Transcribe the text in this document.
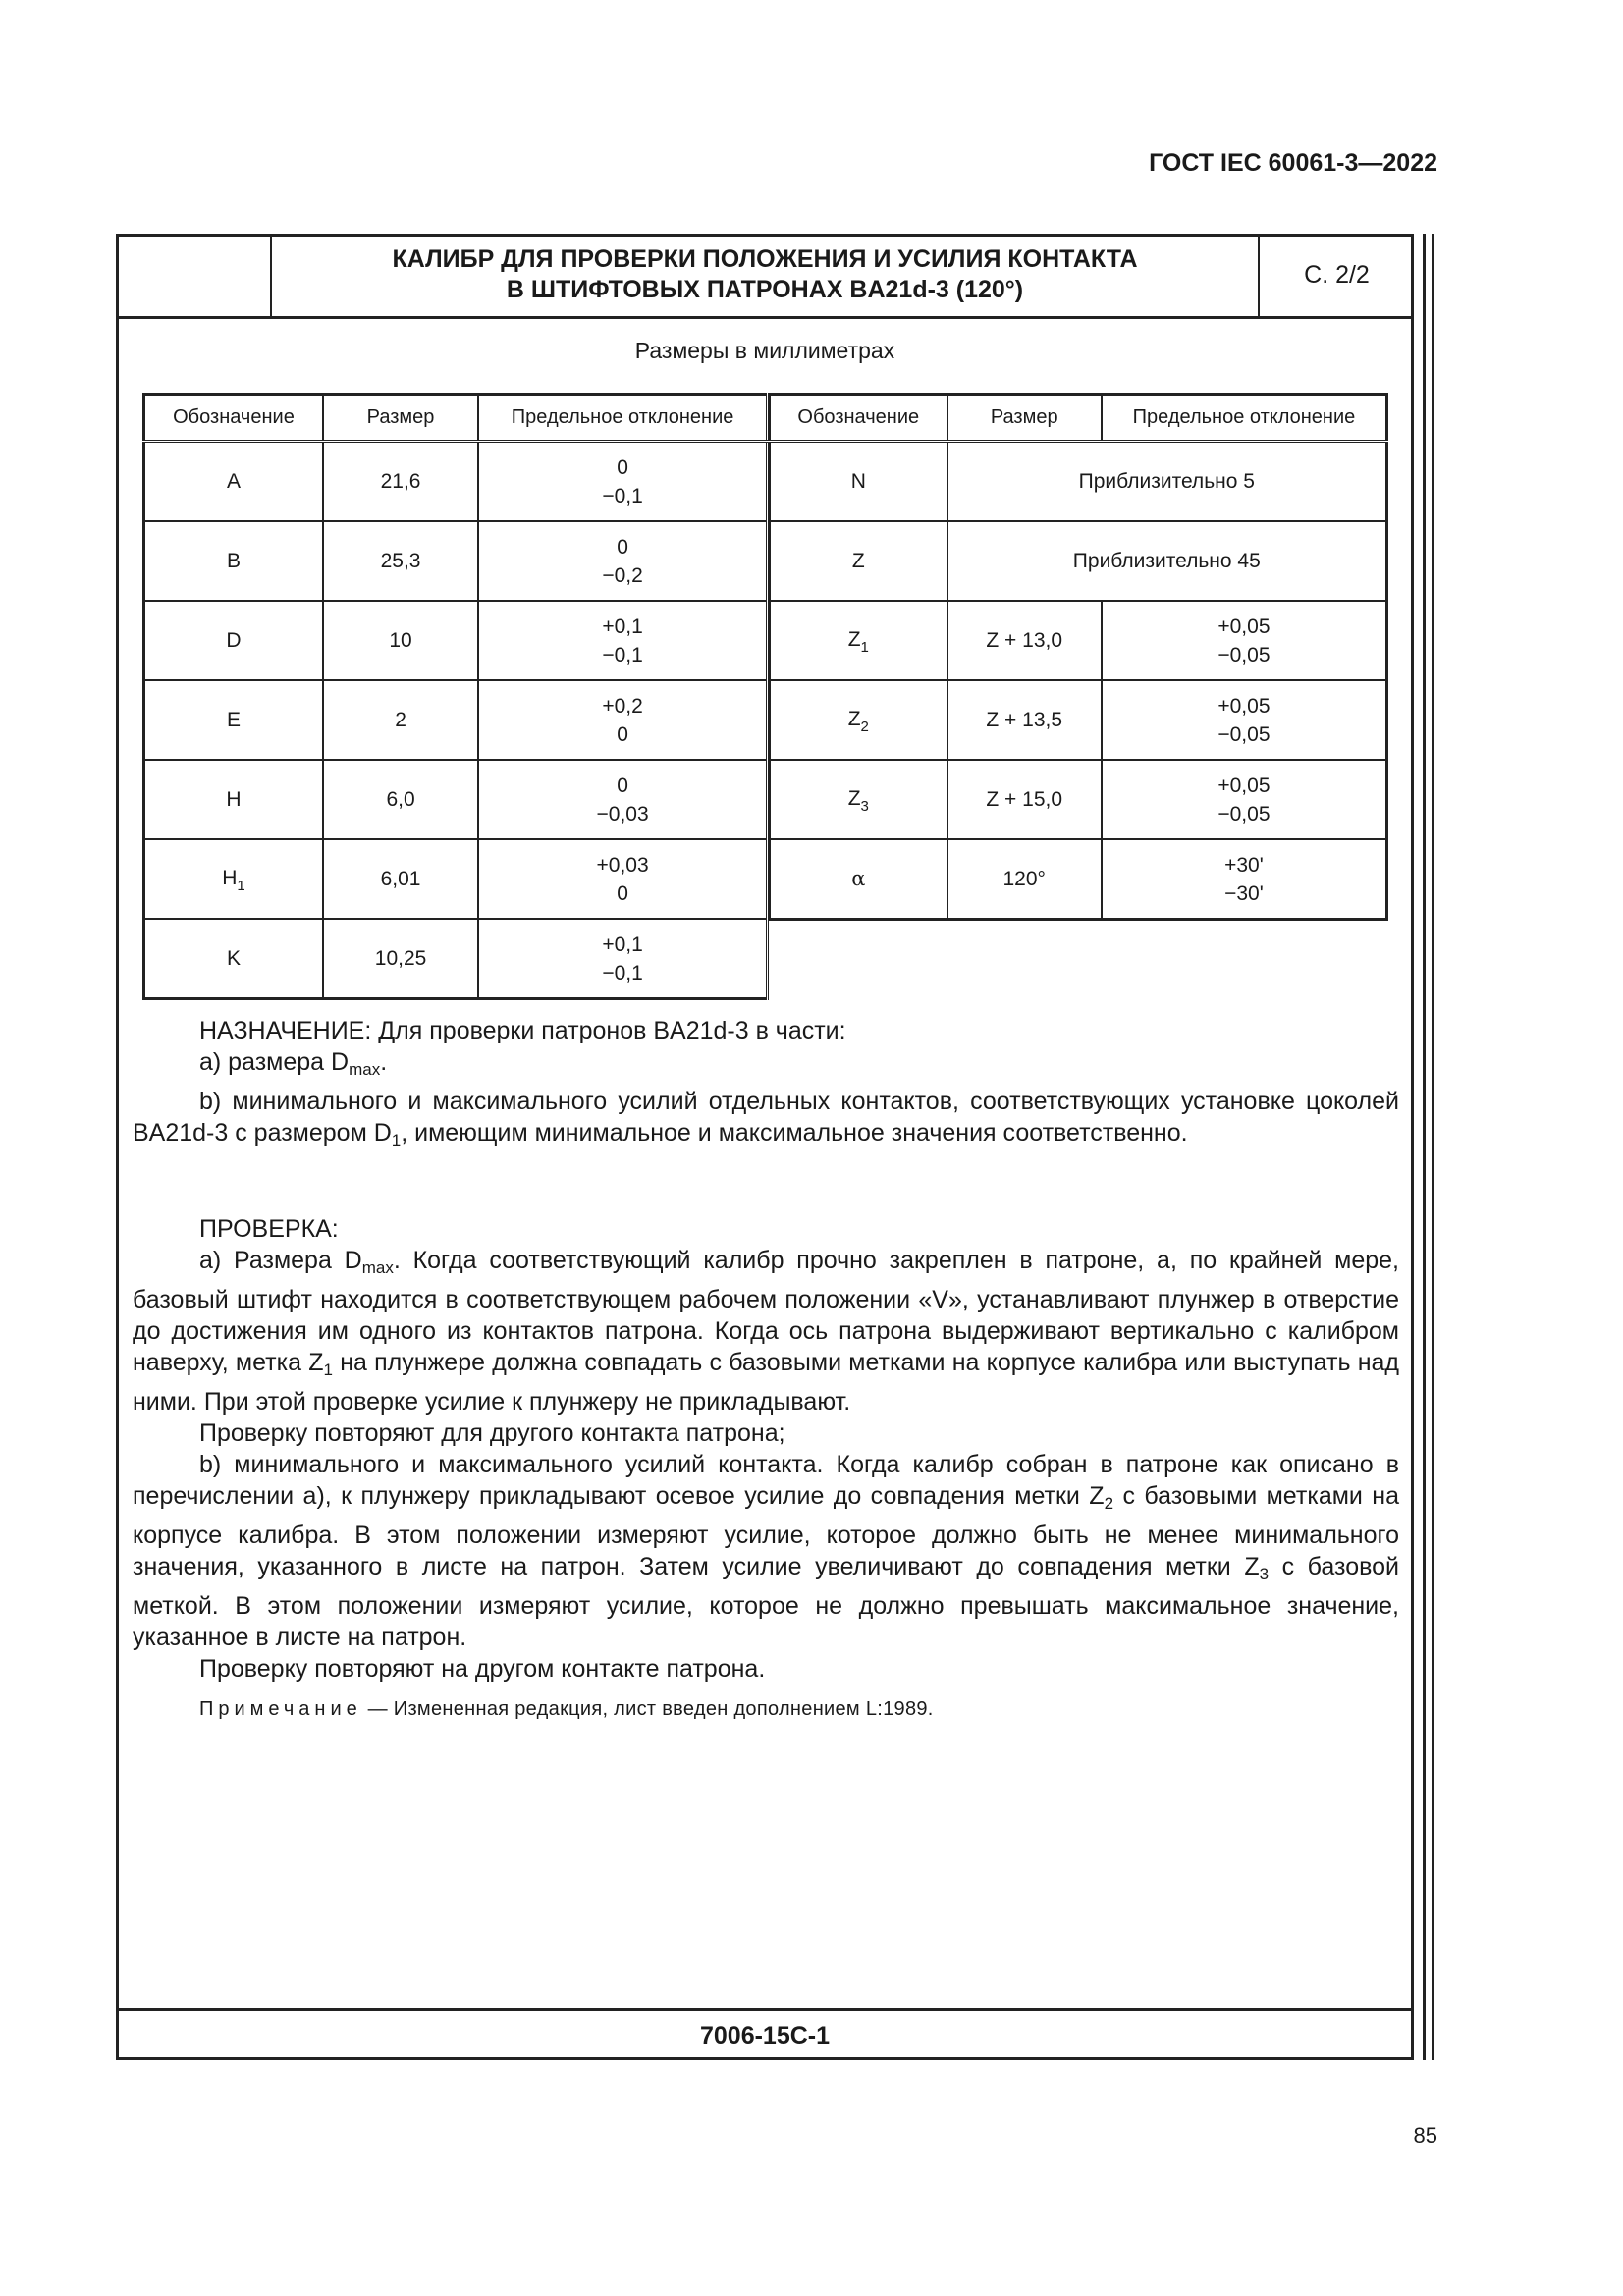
ГОСТ IEC 60061-3—2022
КАЛИБР ДЛЯ ПРОВЕРКИ ПОЛОЖЕНИЯ И УСИЛИЯ КОНТАКТА
В ШТИФТОВЫХ ПАТРОНАХ BA21d-3 (120°)
С. 2/2
Размеры в миллиметрах
Обозначение	Размер	Предельное отклонение
A	21,6	0
−0,1

B	25,3	0
−0,2

D	10	+0,1
−0,1

E	2	+0,2
0

H	6,0	0
−0,03

$H_1$	6,01	+0,03
0

K	10,25	+0,1
−0,1
Обозначение	Размер	Предельное отклонение
N	Приблизительно 5	
Z	Приблизительно 45	
$Z_1$	Z + 13,0	+0,05
−0,05

$Z_2$	Z + 13,5	+0,05
−0,05

$Z_3$	Z + 15,0	+0,05
−0,05

α	120°	+30'
−30'

НАЗНАЧЕНИЕ: Для проверки патронов BA21d-3 в части:

a) размера $D_{max}$.

b) минимального и максимального усилий отдельных контактов, соответствующих установке цоколей BA21d-3 с размером $D_1$, имеющим минимальное и максимальное значения соответственно.

ПРОВЕРКА:

a) Размера $D_{max}$. Когда соответствующий калибр прочно закреплен в патроне, а, по крайней мере, базовый штифт находится в соответствующем рабочем положении «V», устанавливают плунжер в отверстие до достижения им одного из контактов патрона. Когда ось патрона выдерживают вертикально с калибром наверху, метка $Z_1$ на плунжере должна совпадать с базовыми метками на корпусе калибра или выступать над ними. При этой проверке усилие к плунжеру не прикладывают.

Проверку повторяют для другого контакта патрона;

b) минимального и максимального усилий контакта. Когда калибр собран в патроне как описано в перечислении а), к плунжеру прикладывают осевое усилие до совпадения метки $Z_2$ с базовыми метками на корпусе калибра. В этом положении измеряют усилие, которое должно быть не менее минимального значения, указанного в листе на патрон. Затем усилие увеличивают до совпадения метки $Z_3$ с базовой меткой. В этом положении измеряют усилие, которое не должно превышать максимальное значение, указанное в листе на патрон.

Проверку повторяют на другом контакте патрона.

Примечание — Измененная редакция, лист введен дополнением L:1989.
7006-15C-1
85
